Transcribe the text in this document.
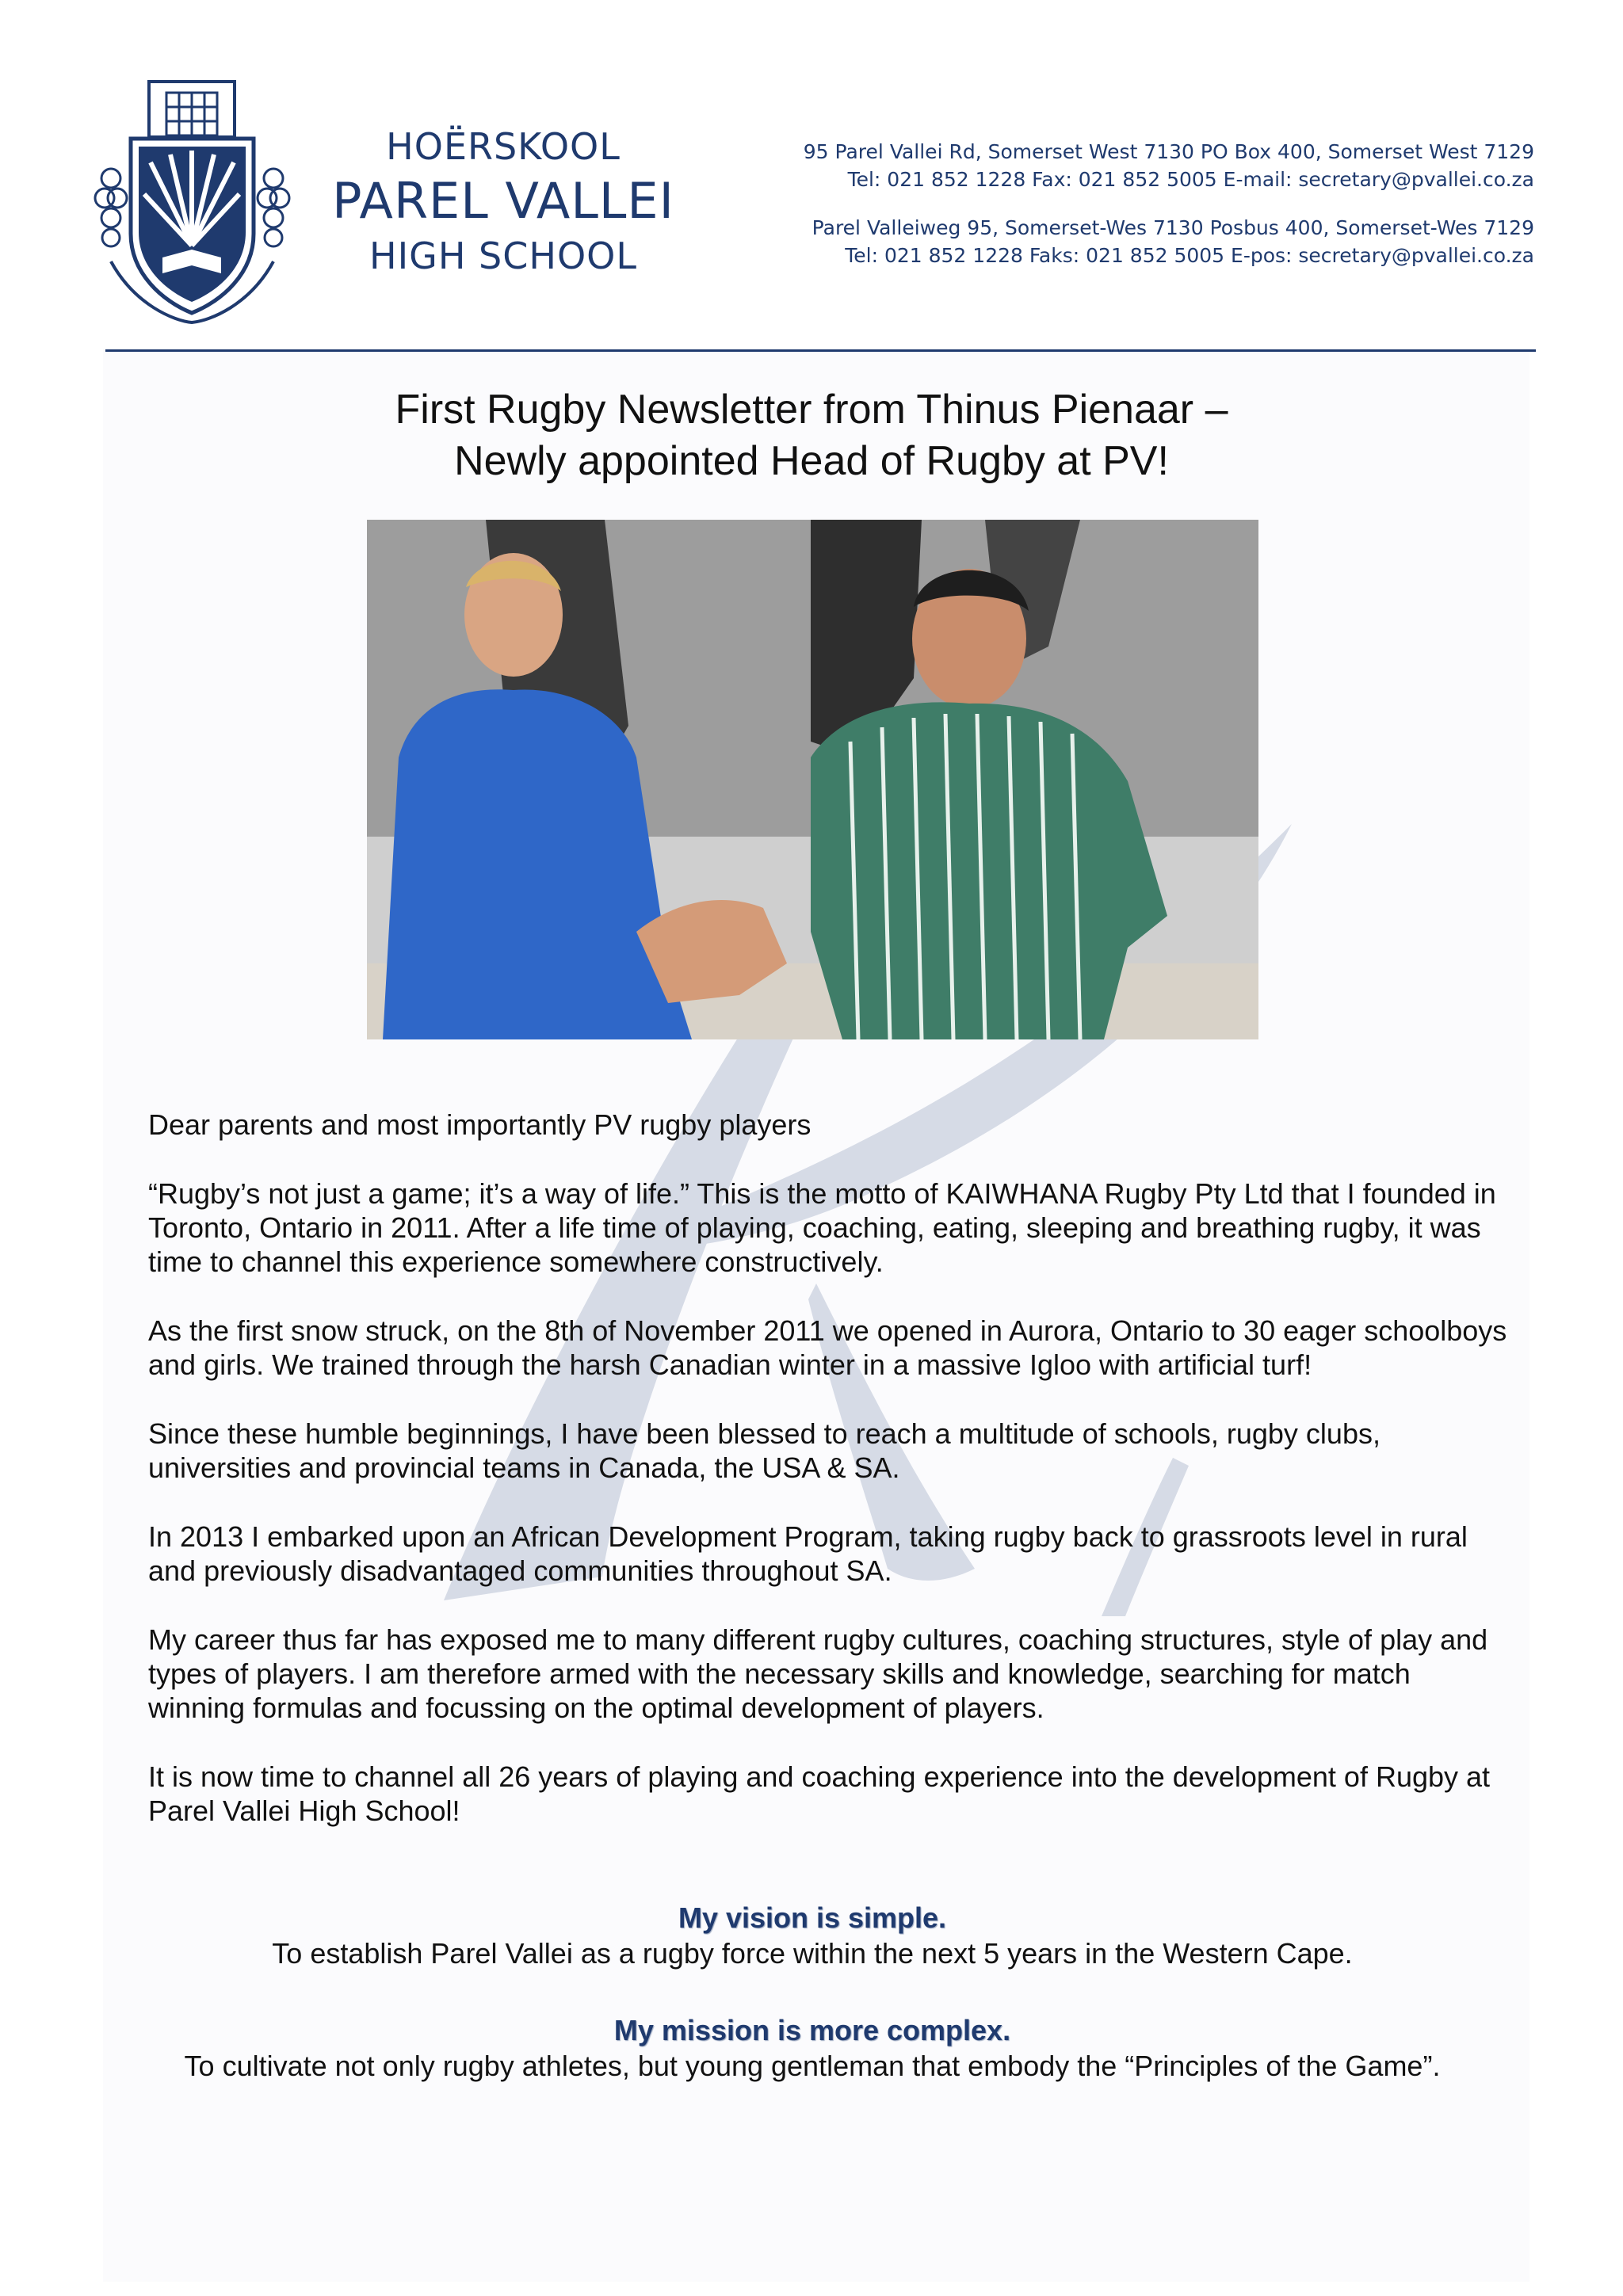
HOËRSKOOL
PAREL VALLEI
HIGH SCHOOL
95 Parel Vallei Rd, Somerset West 7130 PO Box 400, Somerset West 7129
Tel: 021 852 1228 Fax: 021 852 5005 E-mail: secretary@pvallei.co.za
Parel Valleiweg 95, Somerset-Wes 7130 Posbus 400, Somerset-Wes 7129
Tel: 021 852 1228 Faks: 021 852 5005 E-pos: secretary@pvallei.co.za
First Rugby Newsletter from Thinus Pienaar –
Newly appointed Head of Rugby at PV!

Dear parents and most importantly PV rugby players

“Rugby’s not just a game; it’s a way of life.” This is the motto of KAIWHANA Rugby Pty Ltd that I founded in Toronto, Ontario in 2011. After a life time of playing, coaching, eating, sleeping and breathing rugby, it was time to channel this experience somewhere constructively.

As the first snow struck, on the 8th of November 2011 we opened in Aurora, Ontario to 30 eager schoolboys and girls. We trained through the harsh Canadian winter in a massive Igloo with artificial turf!

Since these humble beginnings, I have been blessed to reach a multitude of schools, rugby clubs, universities and provincial teams in Canada, the USA & SA.

In 2013 I embarked upon an African Development Program, taking rugby back to grassroots level in rural and previously disadvantaged communities throughout SA.

My career thus far has exposed me to many different rugby cultures, coaching structures, style of play and types of players. I am therefore armed with the necessary skills and knowledge, searching for match winning formulas and focussing on the optimal development of players.

It is now time to channel all 26 years of playing and coaching experience into the development of Rugby at Parel Vallei High School!

My vision is simple.
To establish Parel Vallei as a rugby force within the next 5 years in the Western Cape.
My mission is more complex.
To cultivate not only rugby athletes, but young gentleman that embody the “Principles of the Game”.
